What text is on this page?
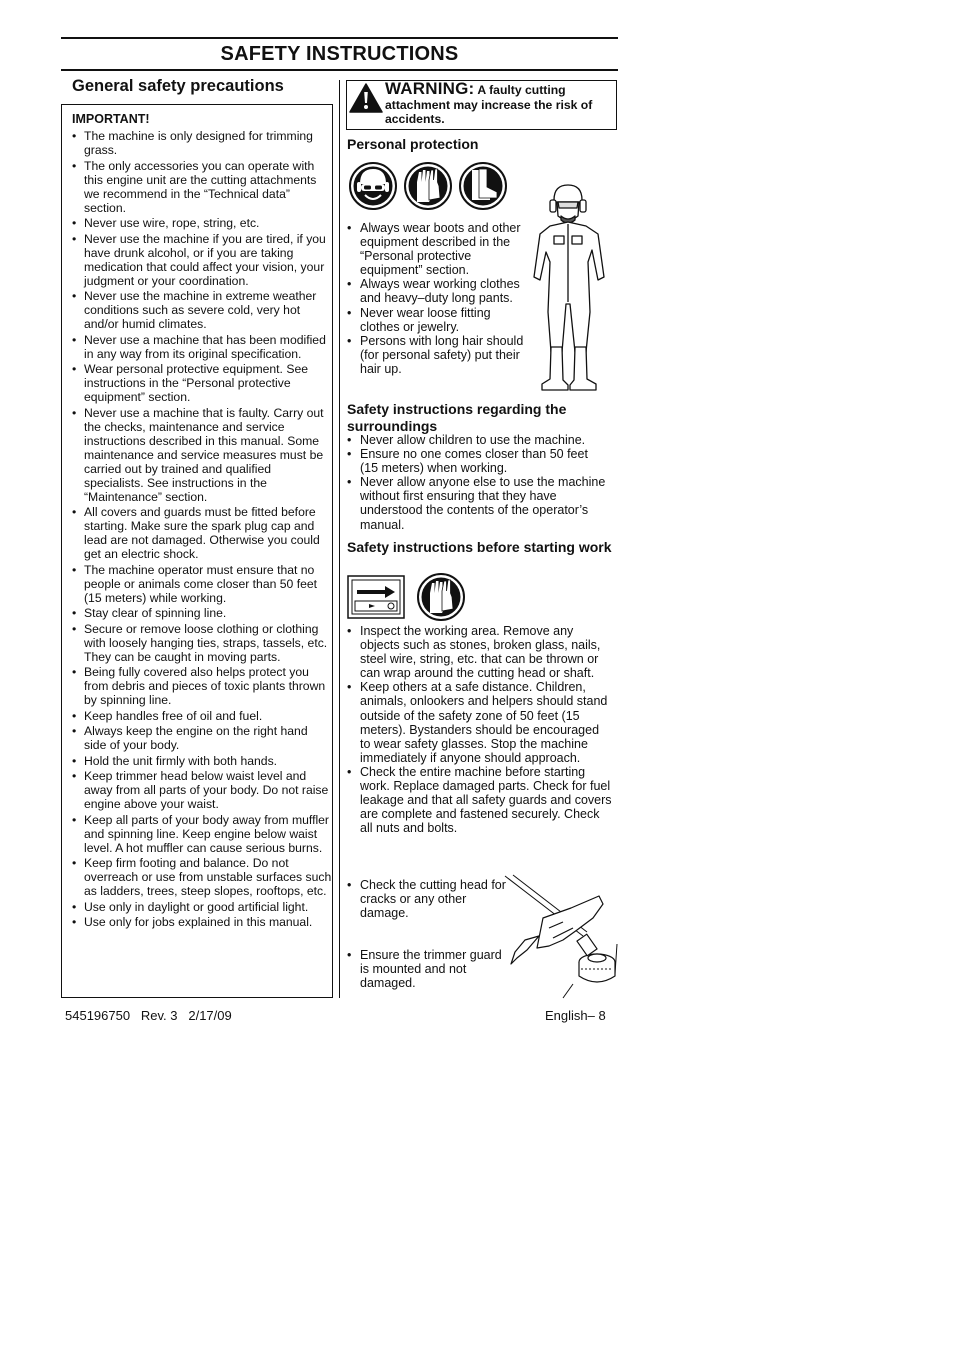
SAFETY INSTRUCTIONS
General safety precautions

IMPORTANT!

• The machine is only designed for trimming grass.
• The only accessories you can operate with this engine unit are the cutting attachments we recommend in the “Technical data” section.
• Never use wire, rope, string, etc.
• Never use the machine if you are tired, if you have drunk alcohol, or if you are taking medication that could affect your vision, your judgment or your coordination.
• Never use the machine in extreme weather conditions such as severe cold, very hot and/or humid climates.
• Never use a machine that has been modified in any way from its original specification.
• Wear personal protective equipment. See instructions in the “Personal protective equipment” section.
• Never use a machine that is faulty. Carry out the checks, maintenance and service instructions described in this manual. Some maintenance and service measures must be carried out by trained and qualified specialists. See instructions in the “Maintenance” section.
• All covers and guards must be fitted before starting. Make sure the spark plug cap and lead are not damaged. Otherwise you could get an electric shock.
• The machine operator must ensure that no people or animals come closer than 50 feet (15 meters) while working.
• Stay clear of spinning line.
• Secure or remove loose clothing or clothing with loosely hanging ties, straps, tassels, etc. They can be caught in moving parts.
• Being fully covered also helps protect you from debris and pieces of toxic plants thrown by spinning line.
• Keep handles free of oil and fuel.
• Always keep the engine on the right hand side of your body.
• Hold the unit firmly with both hands.
• Keep trimmer head below waist level and away from all parts of your body. Do not raise engine above your waist.
• Keep all parts of your body away from muffler and spinning line. Keep engine below waist level. A hot muffler can cause serious burns.
• Keep firm footing and balance. Do not overreach or use from unstable surfaces such as ladders, trees, steep slopes, rooftops, etc.
• Use only in daylight or good artificial light.
• Use only for jobs explained in this manual.
WARNING: A faulty cutting attachment may increase the risk of accidents.
Personal protection
• Always wear boots and other equipment described in the “Personal protective equipment” section.
• Always wear working clothes and heavy–duty long pants.
• Never wear loose fitting clothes or jewelry.
• Persons with long hair should (for personal safety) put their hair up.
Safety instructions regarding the surroundings
• Never allow children to use the machine.
• Ensure no one comes closer than 50 feet (15 meters) when working.
• Never allow anyone else to use the machine without first ensuring that they have understood the contents of the operator’s manual.
Safety instructions before starting work
• Inspect the working area. Remove any objects such as stones, broken glass, nails, steel wire, string, etc. that can be thrown or can wrap around the cutting head or shaft.
• Keep others at a safe distance. Children, animals, onlookers and helpers should stand outside of the safety zone of 50 feet (15 meters). Bystanders should be encouraged to wear safety glasses. Stop the machine immediately if anyone should approach.
• Check the entire machine before starting work. Replace damaged parts. Check for fuel leakage and that all safety guards and covers are complete and fastened securely. Check all nuts and bolts.
• Check the cutting head for cracks or any other damage.
• Ensure the trimmer guard is mounted and not damaged.
545196750   Rev. 3   2/17/09	English– 8
